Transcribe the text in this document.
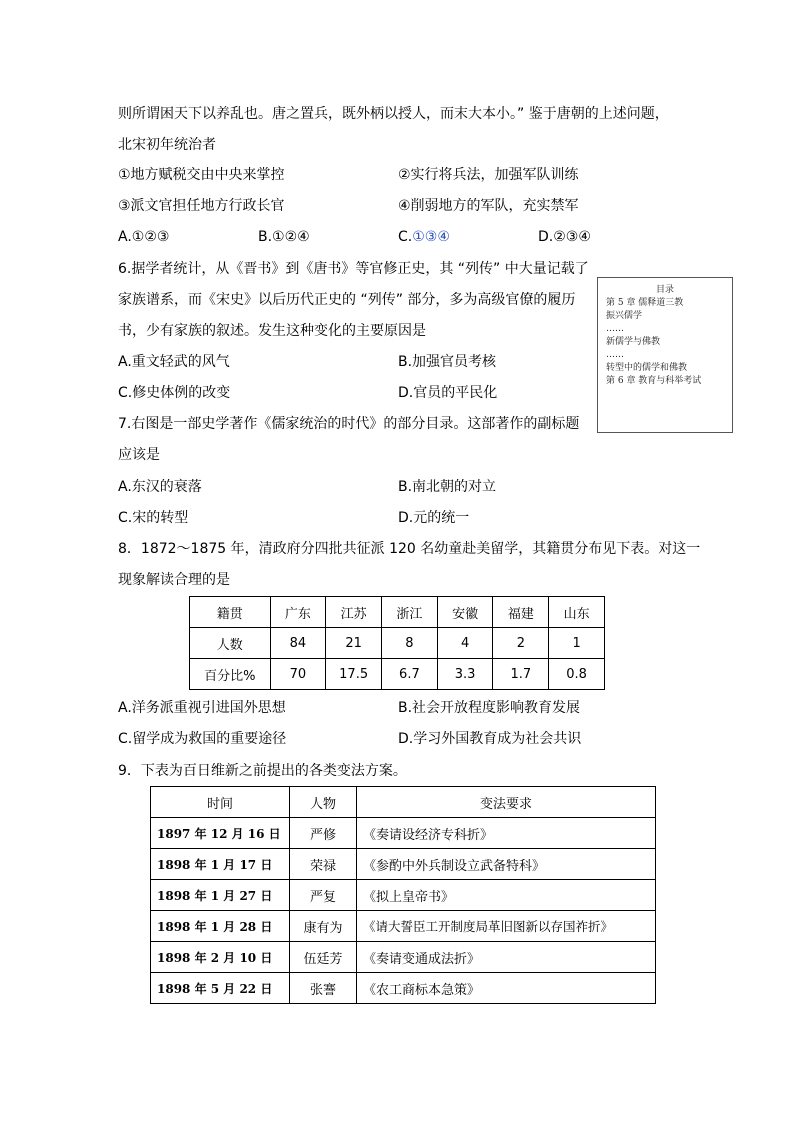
则所谓困天下以养乱也。唐之置兵，既外柄以授人，而末大本小。” 鉴于唐朝的上述问题，
北宋初年统治者
①地方赋税交由中央来掌控	②实行将兵法，加强军队训练
③派文官担任地方行政长官	④削弱地方的军队，充实禁军
A.①②③	B.①②④	C.①③④	D.②③④
6.据学者统计，从《晋书》到《唐书》等官修正史，其 “列传” 中大量记载了
家族谱系，而《宋史》以后历代正史的 “列传” 部分，多为高级官僚的履历
书，少有家族的叙述。发生这种变化的主要原因是
A.重文轻武的风气	B.加强官员考核
C.修史体例的改变	D.官员的平民化
目录
第 5 章 儒释道三教
振兴儒学
……
新儒学与佛教
……
转型中的儒学和佛教
第 6 章 教育与科举考试
7.右图是一部史学著作《儒家统治的时代》的部分目录。这部著作的副标题
应该是
A.东汉的衰落	B.南北朝的对立
C.宋的转型	D.元的统一
8．1872～1875 年，清政府分四批共征派 120 名幼童赴美留学，其籍贯分布见下表。对这一
现象解读合理的是
籍贯	广东	江苏	浙江	安徽	福建	山东
人数	84	21	8	4	2	1
百分比%	70	17.5	6.7	3.3	1.7	0.8
A.洋务派重视引进国外思想	B.社会开放程度影响教育发展
C.留学成为救国的重要途径	D.学习外国教育成为社会共识
9．下表为百日维新之前提出的各类变法方案。
时间	人物	变法要求
1897 年 12 月 16 日	严修	《奏请设经济专科折》
1898 年 1 月 17 日	荣禄	《参酌中外兵制设立武备特科》
1898 年 1 月 27 日	严复	《拟上皇帝书》
1898 年 1 月 28 日	康有为	《请大誓臣工开制度局革旧图新以存国祚折》
1898 年 2 月 10 日	伍廷芳	《奏请变通成法折》
1898 年 5 月 22 日	张謇	《农工商标本急策》
